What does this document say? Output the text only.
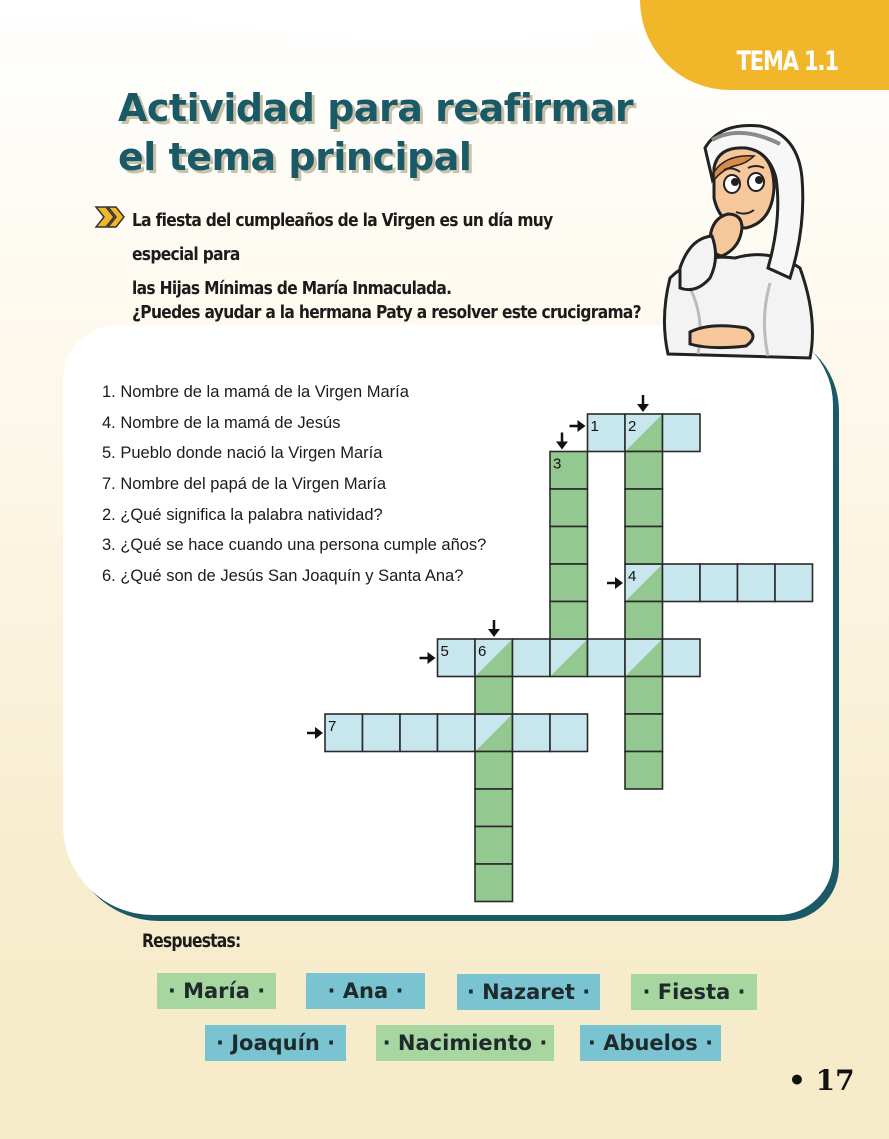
TEMA 1.1
Actividad para reafirmar
el tema principal
La fiesta del cumpleaños de la Virgen es un día muy especial para
las Hijas Mínimas de María Inmaculada.
¿Puedes ayudar a la hermana Paty a resolver este crucigrama?
1. Nombre de la mamá de la Virgen María
4. Nombre de la mamá de Jesús
5. Pueblo donde nació la Virgen María
7. Nombre del papá de la Virgen María
2. ¿Qué significa la palabra natividad?
3. ¿Qué se hace cuando una persona cumple años?
6. ¿Qué son de Jesús San Joaquín y Santa Ana?
1 2
3
4
5 6
7
Respuestas:
· María ·	· Ana ·	· Nazaret ·	· Fiesta ·
· Joaquín ·	· Nacimiento ·	· Abuelos ·
• 17
